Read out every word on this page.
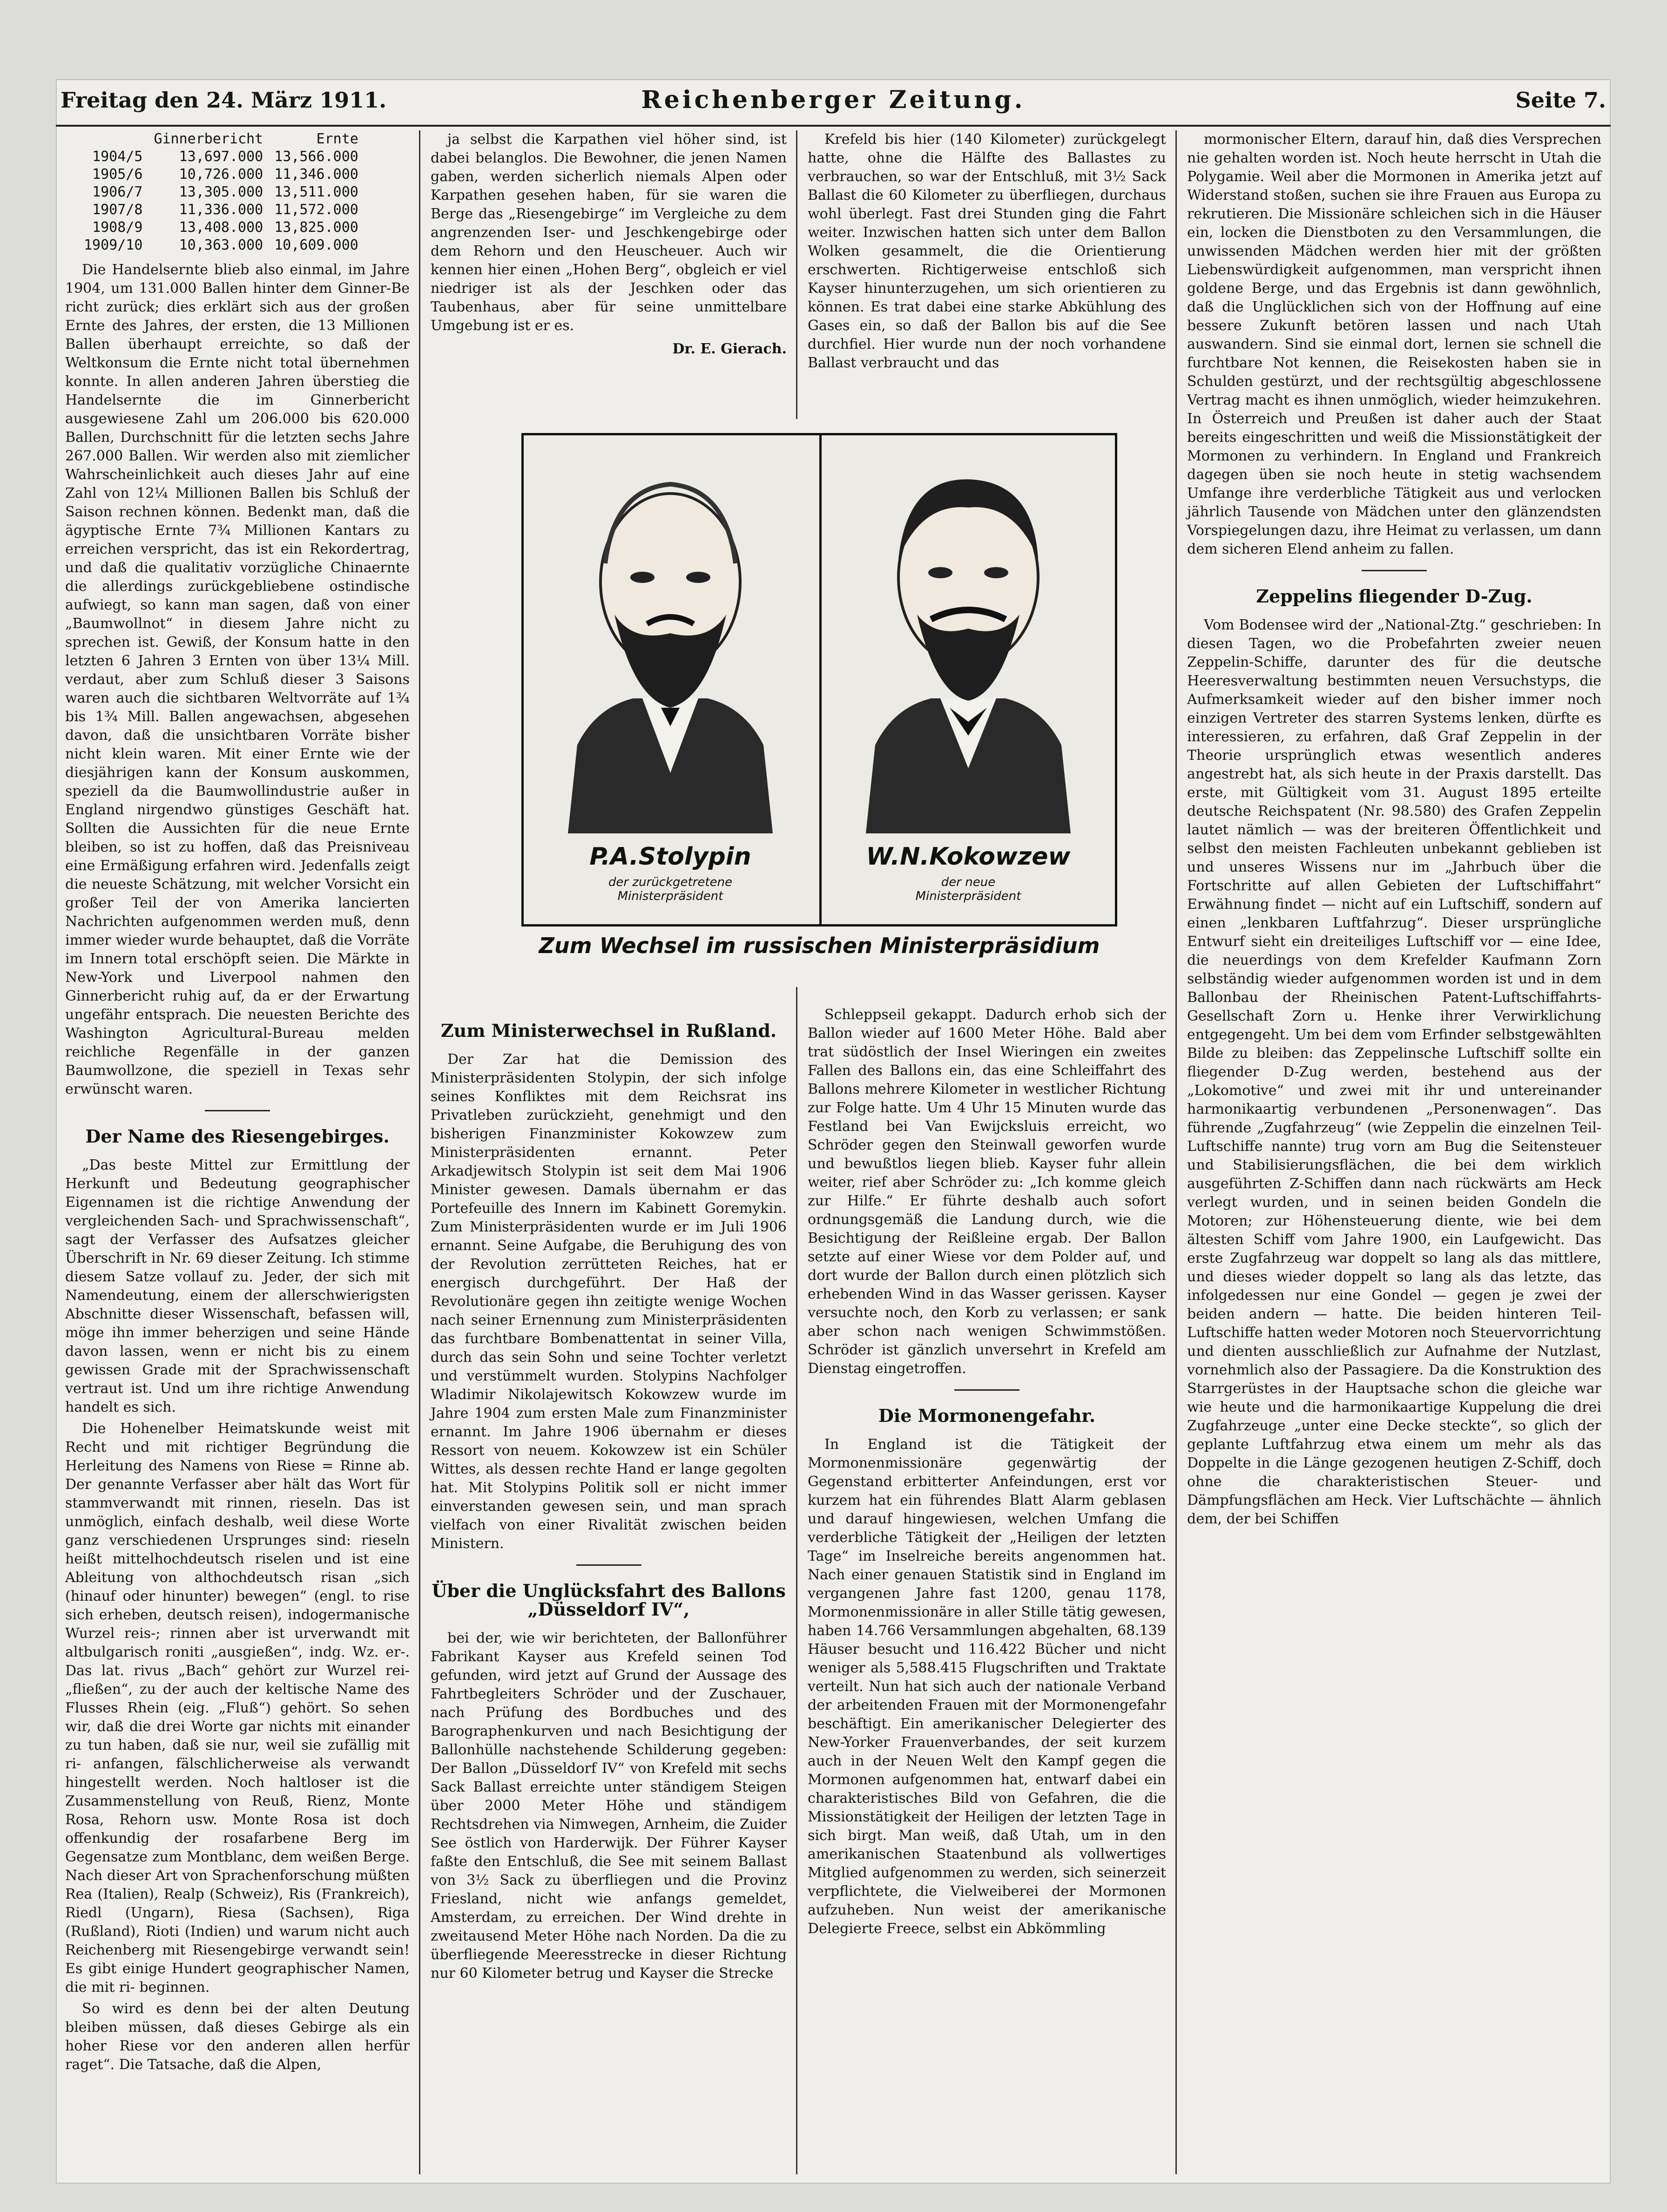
Freitag den 24. März 1911.	Reichenberger Zeitung.	Seite 7.
	Ginnerbericht	Ernte
1904/5	13,697.000	13,566.000
1905/6	10,726.000	11,346.000
1906/7	13,305.000	13,511.000
1907/8	11,336.000	11,572.000
1908/9	13,408.000	13,825.000
1909/10	10,363.000	10,609.000

Die Handelsernte blieb also einmal, im Jahre 1904, um 131.000 Ballen hinter dem Ginner-Be richt zurück; dies erklärt sich aus der großen Ernte des Jahres, der ersten, die 13 Millionen Ballen überhaupt erreichte, so daß der Weltkonsum die Ernte nicht total übernehmen konnte. In allen anderen Jahren überstieg die Handelsernte die im Ginnerbericht ausgewiesene Zahl um 206.000 bis 620.000 Ballen, Durchschnitt für die letzten sechs Jahre 267.000 Ballen. Wir werden also mit ziemlicher Wahrscheinlichkeit auch dieses Jahr auf eine Zahl von 12¼ Millionen Ballen bis Schluß der Saison rechnen können. Bedenkt man, daß die ägyptische Ernte 7¾ Millionen Kantars zu erreichen verspricht, das ist ein Rekordertrag, und daß die qualitativ vorzügliche Chinaernte die allerdings zurückgebliebene ostindische aufwiegt, so kann man sagen, daß von einer „Baumwollnot“ in diesem Jahre nicht zu sprechen ist. Gewiß, der Konsum hatte in den letzten 6 Jahren 3 Ernten von über 13¼ Mill. verdaut, aber zum Schluß dieser 3 Saisons waren auch die sichtbaren Weltvorräte auf 1¾ bis 1¾ Mill. Ballen angewachsen, abgesehen davon, daß die unsichtbaren Vorräte bisher nicht klein waren. Mit einer Ernte wie der diesjährigen kann der Konsum auskommen, speziell da die Baumwollindustrie außer in England nirgendwo günstiges Geschäft hat. Sollten die Aussichten für die neue Ernte bleiben, so ist zu hoffen, daß das Preisniveau eine Ermäßigung erfahren wird. Jedenfalls zeigt die neueste Schätzung, mit welcher Vorsicht ein großer Teil der von Amerika lancierten Nachrichten aufgenommen werden muß, denn immer wieder wurde behauptet, daß die Vorräte im Innern total erschöpft seien. Die Märkte in New-York und Liverpool nahmen den Ginnerbericht ruhig auf, da er der Erwartung ungefähr entsprach. Die neuesten Berichte des Washington Agricultural-Bureau melden reichliche Regenfälle in der ganzen Baumwollzone, die speziell in Texas sehr erwünscht waren.

Der Name des Riesengebirges.

„Das beste Mittel zur Ermittlung der Herkunft und Bedeutung geographischer Eigennamen ist die richtige Anwendung der vergleichenden Sach- und Sprachwissenschaft“, sagt der Verfasser des Aufsatzes gleicher Überschrift in Nr. 69 dieser Zeitung. Ich stimme diesem Satze vollauf zu. Jeder, der sich mit Namendeutung, einem der allerschwierigsten Abschnitte dieser Wissenschaft, befassen will, möge ihn immer beherzigen und seine Hände davon lassen, wenn er nicht bis zu einem gewissen Grade mit der Sprachwissenschaft vertraut ist. Und um ihre richtige Anwendung handelt es sich.

Die Hohenelber Heimatskunde weist mit Recht und mit richtiger Begründung die Herleitung des Namens von Riese = Rinne ab. Der genannte Verfasser aber hält das Wort für stammverwandt mit rinnen, rieseln. Das ist unmöglich, einfach deshalb, weil diese Worte ganz verschiedenen Ursprunges sind: rieseln heißt mittelhochdeutsch riselen und ist eine Ableitung von althochdeutsch risan „sich (hinauf oder hinunter) bewegen“ (engl. to rise sich erheben, deutsch reisen), indogermanische Wurzel reis-; rinnen aber ist urverwandt mit altbulgarisch roniti „ausgießen“, indg. Wz. er-. Das lat. rivus „Bach“ gehört zur Wurzel rei- „fließen“, zu der auch der keltische Name des Flusses Rhein (eig. „Fluß“) gehört. So sehen wir, daß die drei Worte gar nichts mit einander zu tun haben, daß sie nur, weil sie zufällig mit ri- anfangen, fälschlicherweise als verwandt hingestellt werden. Noch haltloser ist die Zusammenstellung von Reuß, Rienz, Monte Rosa, Rehorn usw. Monte Rosa ist doch offenkundig der rosafarbene Berg im Gegensatze zum Montblanc, dem weißen Berge. Nach dieser Art von Sprachenforschung müßten Rea (Italien), Realp (Schweiz), Ris (Frankreich), Riedl (Ungarn), Riesa (Sachsen), Riga (Rußland), Rioti (Indien) und warum nicht auch Reichenberg mit Riesengebirge verwandt sein! Es gibt einige Hundert geographischer Namen, die mit ri- beginnen.

So wird es denn bei der alten Deutung bleiben müssen, daß dieses Gebirge als ein hoher Riese vor den anderen allen herfür raget“. Die Tatsache, daß die Alpen,

ja selbst die Karpathen viel höher sind, ist dabei belanglos. Die Bewohner, die jenen Namen gaben, werden sicherlich niemals Alpen oder Karpathen gesehen haben, für sie waren die Berge das „Riesengebirge“ im Vergleiche zu dem angrenzenden Iser- und Jeschkengebirge oder dem Rehorn und den Heuscheuer. Auch wir kennen hier einen „Hohen Berg“, obgleich er viel niedriger ist als der Jeschken oder das Taubenhaus, aber für seine unmittelbare Umgebung ist er es.

Dr. E. Gierach.

Zum Ministerwechsel in Rußland.

Der Zar hat die Demission des Ministerpräsidenten Stolypin, der sich infolge seines Konfliktes mit dem Reichsrat ins Privatleben zurückzieht, genehmigt und den bisherigen Finanzminister Kokowzew zum Ministerpräsidenten ernannt. Peter Arkadjewitsch Stolypin ist seit dem Mai 1906 Minister gewesen. Damals übernahm er das Portefeuille des Innern im Kabinett Goremykin. Zum Ministerpräsidenten wurde er im Juli 1906 ernannt. Seine Aufgabe, die Beruhigung des von der Revolution zerrütteten Reiches, hat er energisch durchgeführt. Der Haß der Revolutionäre gegen ihn zeitigte wenige Wochen nach seiner Ernennung zum Ministerpräsidenten das furchtbare Bombenattentat in seiner Villa, durch das sein Sohn und seine Tochter verletzt und verstümmelt wurden. Stolypins Nachfolger Wladimir Nikolajewitsch Kokowzew wurde im Jahre 1904 zum ersten Male zum Finanzminister ernannt. Im Jahre 1906 übernahm er dieses Ressort von neuem. Kokowzew ist ein Schüler Wittes, als dessen rechte Hand er lange gegolten hat. Mit Stolypins Politik soll er nicht immer einverstanden gewesen sein, und man sprach vielfach von einer Rivalität zwischen beiden Ministern.

Über die Unglücksfahrt des Ballons „Düsseldorf IV“,

bei der, wie wir berichteten, der Ballonführer Fabrikant Kayser aus Krefeld seinen Tod gefunden, wird jetzt auf Grund der Aussage des Fahrtbegleiters Schröder und der Zuschauer, nach Prüfung des Bordbuches und des Barographenkurven und nach Besichtigung der Ballonhülle nachstehende Schilderung gegeben: Der Ballon „Düsseldorf IV“ von Krefeld mit sechs Sack Ballast erreichte unter ständigem Steigen über 2000 Meter Höhe und ständigem Rechtsdrehen via Nimwegen, Arnheim, die Zuider See östlich von Harderwijk. Der Führer Kayser faßte den Entschluß, die See mit seinem Ballast von 3½ Sack zu überfliegen und die Provinz Friesland, nicht wie anfangs gemeldet, Amsterdam, zu erreichen. Der Wind drehte in zweitausend Meter Höhe nach Norden. Da die zu überfliegende Meeresstrecke in dieser Richtung nur 60 Kilometer betrug und Kayser die Strecke

Krefeld bis hier (140 Kilometer) zurückgelegt hatte, ohne die Hälfte des Ballastes zu verbrauchen, so war der Entschluß, mit 3½ Sack Ballast die 60 Kilometer zu überfliegen, durchaus wohl überlegt. Fast drei Stunden ging die Fahrt weiter. Inzwischen hatten sich unter dem Ballon Wolken gesammelt, die die Orientierung erschwerten. Richtigerweise entschloß sich Kayser hinunterzugehen, um sich orientieren zu können. Es trat dabei eine starke Abkühlung des Gases ein, so daß der Ballon bis auf die See durchfiel. Hier wurde nun der noch vorhandene Ballast verbraucht und das

Schleppseil gekappt. Dadurch erhob sich der Ballon wieder auf 1600 Meter Höhe. Bald aber trat südöstlich der Insel Wieringen ein zweites Fallen des Ballons ein, das eine Schleiffahrt des Ballons mehrere Kilometer in westlicher Richtung zur Folge hatte. Um 4 Uhr 15 Minuten wurde das Festland bei Van Ewijcksluis erreicht, wo Schröder gegen den Steinwall geworfen wurde und bewußtlos liegen blieb. Kayser fuhr allein weiter, rief aber Schröder zu: „Ich komme gleich zur Hilfe.“ Er führte deshalb auch sofort ordnungsgemäß die Landung durch, wie die Besichtigung der Reißleine ergab. Der Ballon setzte auf einer Wiese vor dem Polder auf, und dort wurde der Ballon durch einen plötzlich sich erhebenden Wind in das Wasser gerissen. Kayser versuchte noch, den Korb zu verlassen; er sank aber schon nach wenigen Schwimmstößen. Schröder ist gänzlich unversehrt in Krefeld am Dienstag eingetroffen.

Die Mormonengefahr.

In England ist die Tätigkeit der Mormonenmissionäre gegenwärtig der Gegenstand erbitterter Anfeindungen, erst vor kurzem hat ein führendes Blatt Alarm geblasen und darauf hingewiesen, welchen Umfang die verderbliche Tätigkeit der „Heiligen der letzten Tage“ im Inselreiche bereits angenommen hat. Nach einer genauen Statistik sind in England im vergangenen Jahre fast 1200, genau 1178, Mormonenmissionäre in aller Stille tätig gewesen, haben 14.766 Versammlungen abgehalten, 68.139 Häuser besucht und 116.422 Bücher und nicht weniger als 5,588.415 Flugschriften und Traktate verteilt. Nun hat sich auch der nationale Verband der arbeitenden Frauen mit der Mormonengefahr beschäftigt. Ein amerikanischer Delegierter des New-Yorker Frauenverbandes, der seit kurzem auch in der Neuen Welt den Kampf gegen die Mormonen aufgenommen hat, entwarf dabei ein charakteristisches Bild von Gefahren, die die Missionstätigkeit der Heiligen der letzten Tage in sich birgt. Man weiß, daß Utah, um in den amerikanischen Staatenbund als vollwertiges Mitglied aufgenommen zu werden, sich seinerzeit verpflichtete, die Vielweiberei der Mormonen aufzuheben. Nun weist der amerikanische Delegierte Freece, selbst ein Abkömmling

mormonischer Eltern, darauf hin, daß dies Versprechen nie gehalten worden ist. Noch heute herrscht in Utah die Polygamie. Weil aber die Mormonen in Amerika jetzt auf Widerstand stoßen, suchen sie ihre Frauen aus Europa zu rekrutieren. Die Missionäre schleichen sich in die Häuser ein, locken die Dienstboten zu den Versammlungen, die unwissenden Mädchen werden hier mit der größten Liebenswürdigkeit aufgenommen, man verspricht ihnen goldene Berge, und das Ergebnis ist dann gewöhnlich, daß die Unglücklichen sich von der Hoffnung auf eine bessere Zukunft betören lassen und nach Utah auswandern. Sind sie einmal dort, lernen sie schnell die furchtbare Not kennen, die Reisekosten haben sie in Schulden gestürzt, und der rechtsgültig abgeschlossene Vertrag macht es ihnen unmöglich, wieder heimzukehren. In Österreich und Preußen ist daher auch der Staat bereits eingeschritten und weiß die Missionstätigkeit der Mormonen zu verhindern. In England und Frankreich dagegen üben sie noch heute in stetig wachsendem Umfange ihre verderbliche Tätigkeit aus und verlocken jährlich Tausende von Mädchen unter den glänzendsten Vorspiegelungen dazu, ihre Heimat zu verlassen, um dann dem sicheren Elend anheim zu fallen.

Zeppelins fliegender D-Zug.

Vom Bodensee wird der „National-Ztg.“ geschrieben: In diesen Tagen, wo die Probefahrten zweier neuen Zeppelin-Schiffe, darunter des für die deutsche Heeresverwaltung bestimmten neuen Versuchstyps, die Aufmerksamkeit wieder auf den bisher immer noch einzigen Vertreter des starren Systems lenken, dürfte es interessieren, zu erfahren, daß Graf Zeppelin in der Theorie ursprünglich etwas wesentlich anderes angestrebt hat, als sich heute in der Praxis darstellt. Das erste, mit Gültigkeit vom 31. August 1895 erteilte deutsche Reichspatent (Nr. 98.580) des Grafen Zeppelin lautet nämlich — was der breiteren Öffentlichkeit und selbst den meisten Fachleuten unbekannt geblieben ist und unseres Wissens nur im „Jahrbuch über die Fortschritte auf allen Gebieten der Luftschiffahrt“ Erwähnung findet — nicht auf ein Luftschiff, sondern auf einen „lenkbaren Luftfahrzug“. Dieser ursprüngliche Entwurf sieht ein dreiteiliges Luftschiff vor — eine Idee, die neuerdings von dem Krefelder Kaufmann Zorn selbständig wieder aufgenommen worden ist und in dem Ballonbau der Rheinischen Patent-Luftschiffahrts-Gesellschaft Zorn u. Henke ihrer Verwirklichung entgegengeht. Um bei dem vom Erfinder selbstgewählten Bilde zu bleiben: das Zeppelinsche Luftschiff sollte ein fliegender D-Zug werden, bestehend aus der „Lokomotive“ und zwei mit ihr und untereinander harmonikaartig verbundenen „Personenwagen“. Das führende „Zugfahrzeug“ (wie Zeppelin die einzelnen Teil-Luftschiffe nannte) trug vorn am Bug die Seitensteuer und Stabilisierungsflächen, die bei dem wirklich ausgeführten Z-Schiffen dann nach rückwärts am Heck verlegt wurden, und in seinen beiden Gondeln die Motoren; zur Höhensteuerung diente, wie bei dem ältesten Schiff vom Jahre 1900, ein Laufgewicht. Das erste Zugfahrzeug war doppelt so lang als das mittlere, und dieses wieder doppelt so lang als das letzte, das infolgedessen nur eine Gondel — gegen je zwei der beiden andern — hatte. Die beiden hinteren Teil-Luftschiffe hatten weder Motoren noch Steuervorrichtung und dienten ausschließlich zur Aufnahme der Nutzlast, vornehmlich also der Passagiere. Da die Konstruktion des Starrgerüstes in der Hauptsache schon die gleiche war wie heute und die harmonikaartige Kuppelung die drei Zugfahrzeuge „unter eine Decke steckte“, so glich der geplante Luftfahrzug etwa einem um mehr als das Doppelte in die Länge gezogenen heutigen Z-Schiff, doch ohne die charakteristischen Steuer- und Dämpfungsflächen am Heck. Vier Luftschächte — ähnlich dem, der bei Schiffen

P.A.Stolypin
der zurückgetretene
Ministerpräsident
W.N.Kokowzew
der neue
Ministerpräsident
Zum Wechsel im russischen Ministerpräsidium
